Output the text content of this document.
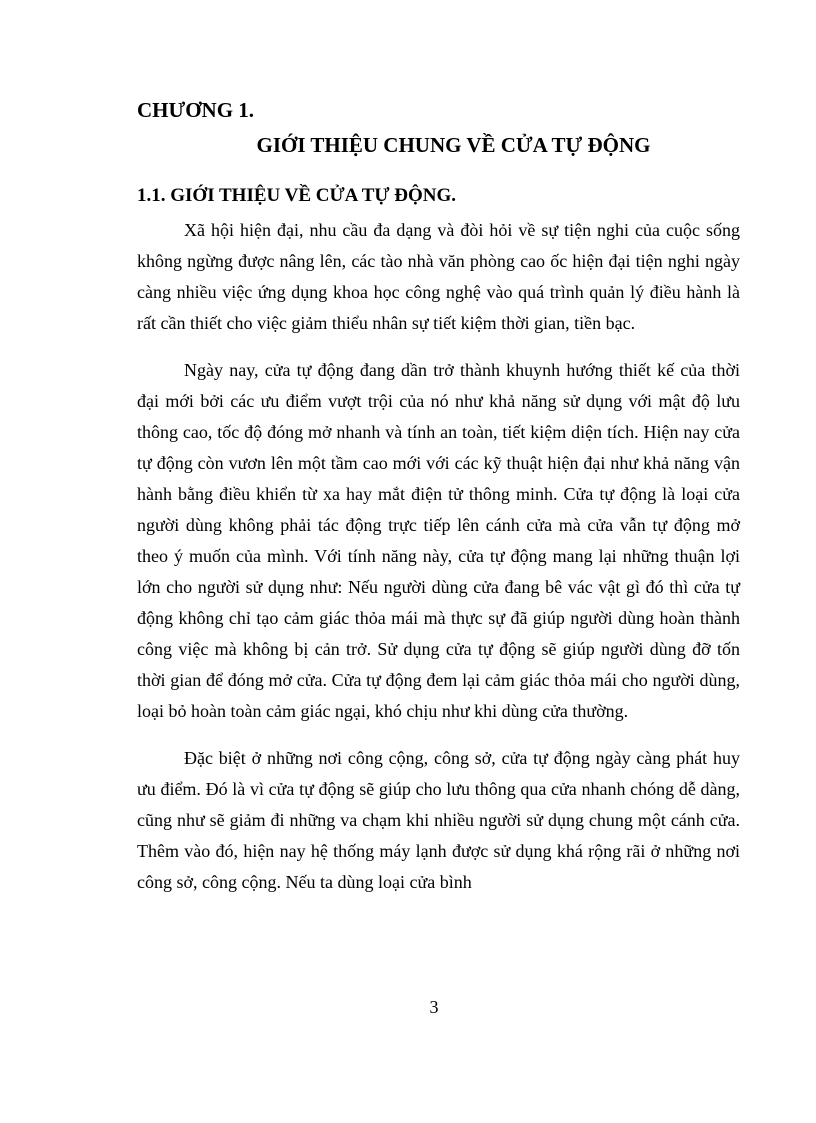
CHƯƠNG 1.
GIỚI THIỆU CHUNG VỀ CỬA TỰ ĐỘNG
1.1. GIỚI THIỆU VỀ CỬA TỰ ĐỘNG.

Xã hội hiện đại, nhu cầu đa dạng và đòi hỏi về sự tiện nghi của cuộc sống không ngừng được nâng lên, các tào nhà văn phòng cao ốc hiện đại tiện nghi ngày càng nhiều việc ứng dụng khoa học công nghệ vào quá trình quản lý điều hành là rất cần thiết cho việc giảm thiểu nhân sự tiết kiệm thời gian, tiền bạc.

Ngày nay, cửa tự động đang dần trở thành khuynh hướng thiết kế của thời đại mới bởi các ưu điểm vượt trội của nó như khả năng sử dụng với mật độ lưu thông cao, tốc độ đóng mở nhanh và tính an toàn, tiết kiệm diện tích. Hiện nay cửa tự động còn vươn lên một tầm cao mới với các kỹ thuật hiện đại như khả năng vận hành bằng điều khiển từ xa hay mắt điện tử thông minh. Cửa tự động là loại cửa người dùng không phải tác động trực tiếp lên cánh cửa mà cửa vẫn tự động mở theo ý muốn của mình. Với tính năng này, cửa tự động mang lại những thuận lợi lớn cho người sử dụng như: Nếu người dùng cửa đang bê vác vật gì đó thì cửa tự động không chỉ tạo cảm giác thỏa mái mà thực sự đã giúp người dùng hoàn thành công việc mà không bị cản trở. Sử dụng cửa tự động sẽ giúp người dùng đỡ tốn thời gian để đóng mở cửa. Cửa tự động đem lại cảm giác thỏa mái cho người dùng, loại bỏ hoàn toàn cảm giác ngại, khó chịu như khi dùng cửa thường.

Đặc biệt ở những nơi công cộng, công sở, cửa tự động ngày càng phát huy ưu điểm. Đó là vì cửa tự động sẽ giúp cho lưu thông qua cửa nhanh chóng dễ dàng, cũng như sẽ giảm đi những va chạm khi nhiều người sử dụng chung một cánh cửa. Thêm vào đó, hiện nay hệ thống máy lạnh được sử dụng khá rộng rãi ở những nơi công sở, công cộng. Nếu ta dùng loại cửa bình

3
